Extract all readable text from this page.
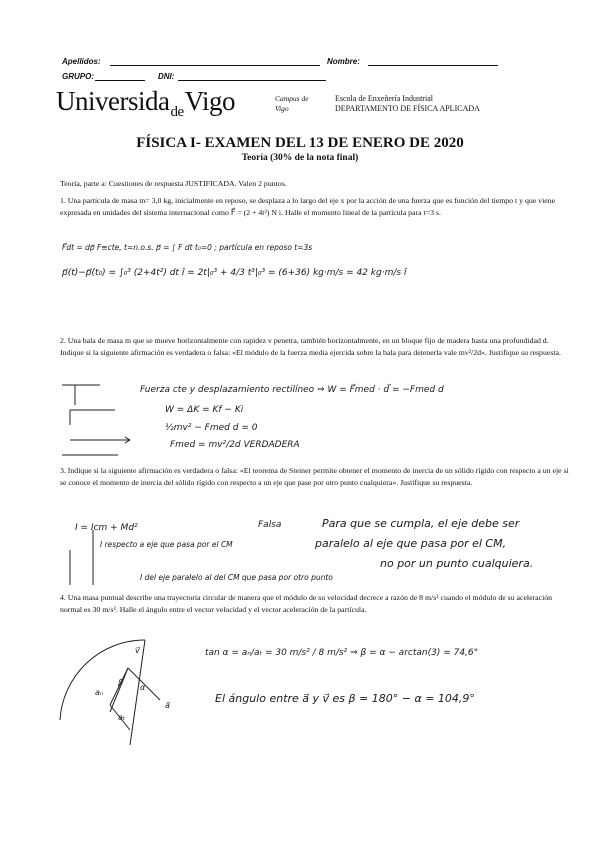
Apellidos:	Nombre:
GRUPO:	DNI:
Universida$_{de}$Vigo	Campus de
Vigo
Escola de Enxeñería Industrial
DEPARTAMENTO DE FÍSICA APLICADA
FÍSICA I- EXAMEN DEL 13 DE ENERO DE 2020
Teoría (30% de la nota final)
Teoría, parte a: Cuestiones de respuesta JUSTIFICADA. Valen 2 puntos.
1. Una partícula de masa m= 3,0 kg, inicialmente en reposo, se desplaza a lo largo del eje x por la acción de una fuerza que es función del tiempo t y que viene expresada en unidades del sistema internacional como F⃗ = (2 + 4t²) N i. Halle el momento lineal de la partícula para t=3 s.
2. Una bala de masa m que se mueve horizontalmente con rapidez v penetra, también horizontalmente, en un bloque fijo de madera hasta una profundidad d. Indique si la siguiente afirmación es verdadera o falsa: «El módulo de la fuerza media ejercida sobre la bala para detenerla vale mv²/2d». Justifique su respuesta.
3. Indique si la siguiente afirmación es verdadera o falsa: «El teorema de Steiner permite obtener el momento de inercia de un sólido rígido con respecto a un eje si se conoce el momento de inercia del sólido rígido con respecto a un eje que pase por otro punto cualquiera». Justifique su respuesta.
4. Una masa puntual describe una trayectoria circular de manera que el módulo de su velocidad decrece a razón de 8 m/s² cuando el módulo de su aceleración normal es 30 m/s². Halle el ángulo entre el vector velocidad y el vector aceleración de la partícula.
F⃗dt = dp⃗ F≡cte, t=n.o.s. p⃗ = ∫ F dt t₀=0 ; partícula en reposo t=3s
p⃗(t)−p⃗(t₀) = ∫₀³ (2+4t²) dt î = 2t|₀³ + 4/3 t³|₀³ = (6+36) kg·m/s = 42 kg·m/s î
Fuerza cte y desplazamiento rectilíneo ⇒ W = F⃗med · d⃗ = −Fmed d
W = ΔK = Kf − Ki
½mv² − Fmed d = 0
Fmed = mv²/2d VERDADERA
I = Icm + Md²	Falsa	Para que se cumpla, el eje debe ser
paralelo al eje que pasa por el CM,
no por un punto cualquiera.
I respecto a eje que pasa por el CM
I del eje paralelo al del CM que pasa por otro punto
tan α = aₙ/aₜ = 30 m/s² / 8 m/s² ⇒ β = α − arctan(3) = 74,6°
El ángulo entre a⃗ y v⃗ es β = 180° − α = 104,9°
v⃗
aₙ
aₜ
a⃗
α
β
